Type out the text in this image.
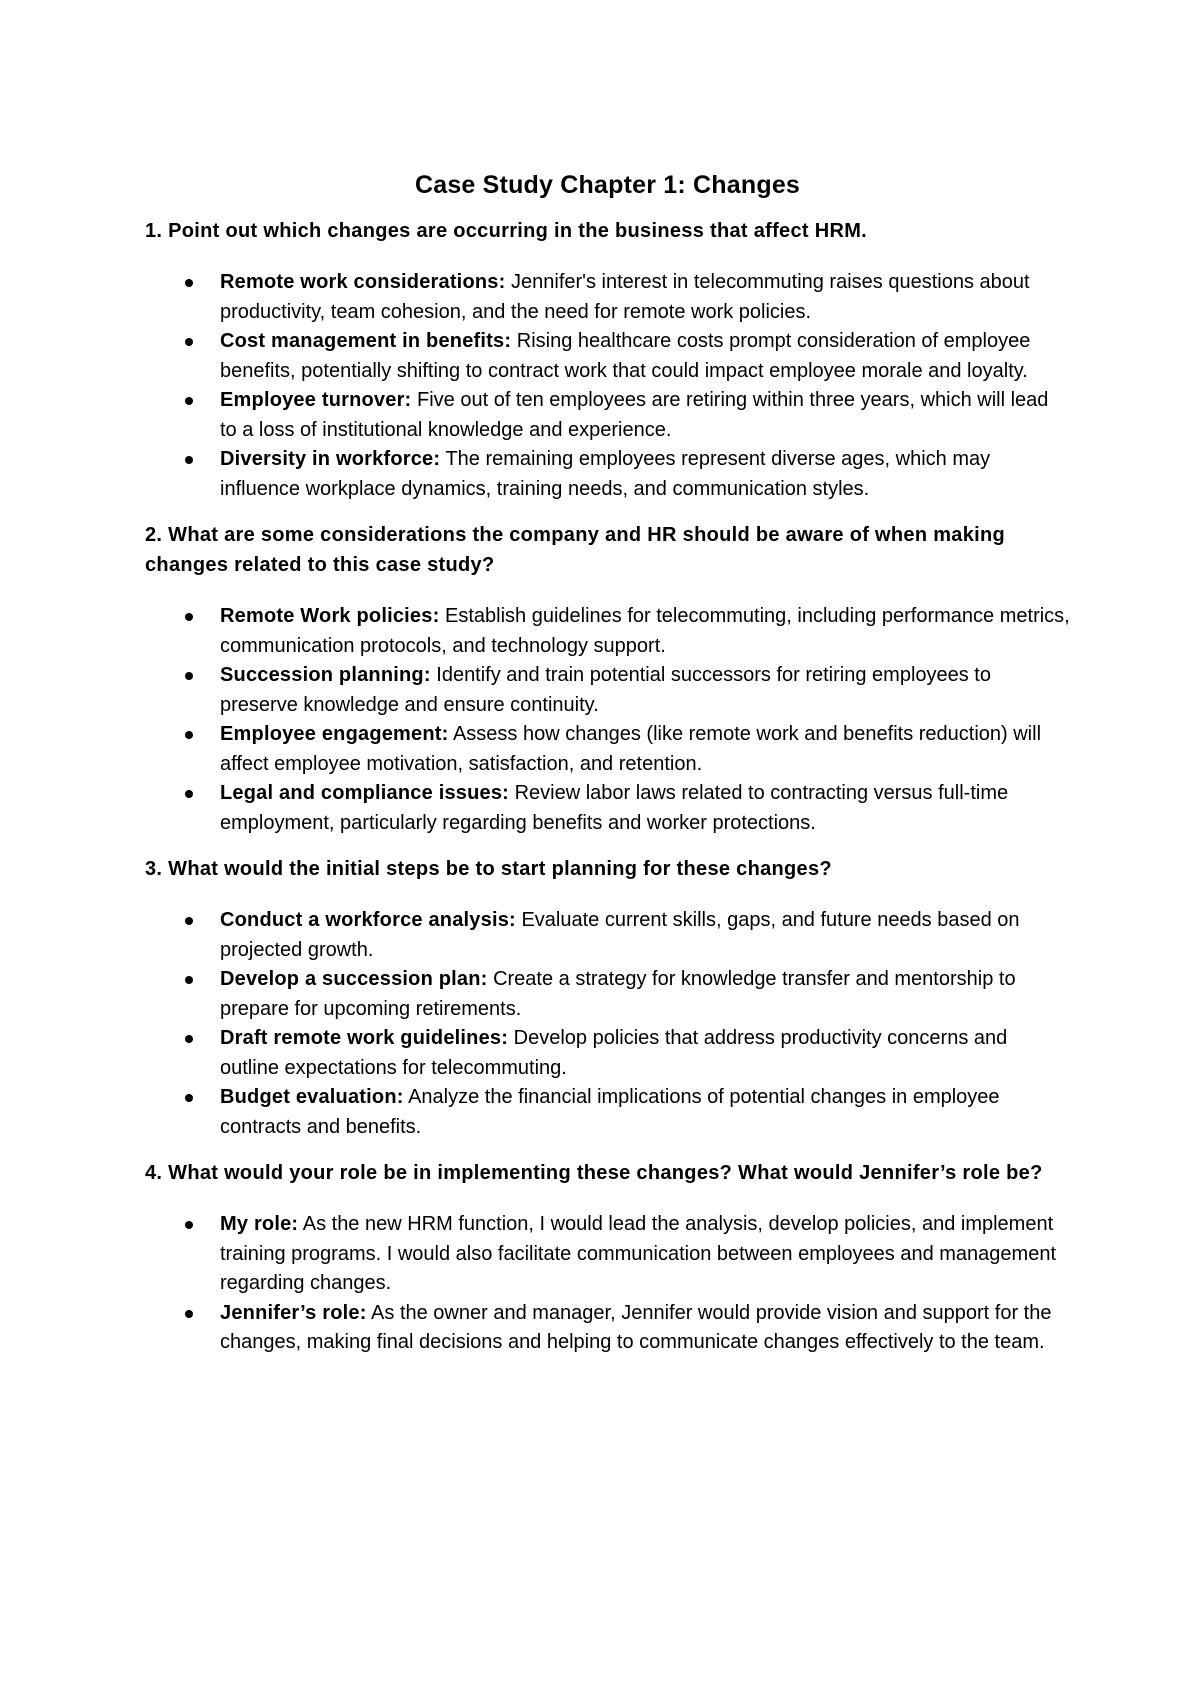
Case Study Chapter 1: Changes

1. Point out which changes are occurring in the business that affect HRM.

Remote work considerations: Jennifer's interest in telecommuting raises questions about productivity, team cohesion, and the need for remote work policies.
Cost management in benefits: Rising healthcare costs prompt consideration of employee benefits, potentially shifting to contract work that could impact employee morale and loyalty.
Employee turnover: Five out of ten employees are retiring within three years, which will lead to a loss of institutional knowledge and experience.
Diversity in workforce: The remaining employees represent diverse ages, which may influence workplace dynamics, training needs, and communication styles.

2. What are some considerations the company and HR should be aware of when making changes related to this case study?

Remote Work policies: Establish guidelines for telecommuting, including performance metrics, communication protocols, and technology support.
Succession planning: Identify and train potential successors for retiring employees to preserve knowledge and ensure continuity.
Employee engagement: Assess how changes (like remote work and benefits reduction) will affect employee motivation, satisfaction, and retention.
Legal and compliance issues: Review labor laws related to contracting versus full-time employment, particularly regarding benefits and worker protections.

3. What would the initial steps be to start planning for these changes?

Conduct a workforce analysis: Evaluate current skills, gaps, and future needs based on projected growth.
Develop a succession plan: Create a strategy for knowledge transfer and mentorship to prepare for upcoming retirements.
Draft remote work guidelines: Develop policies that address productivity concerns and outline expectations for telecommuting.
Budget evaluation: Analyze the financial implications of potential changes in employee contracts and benefits.

4. What would your role be in implementing these changes? What would Jennifer’s role be?

My role: As the new HRM function, I would lead the analysis, develop policies, and implement training programs. I would also facilitate communication between employees and management regarding changes.
Jennifer’s role: As the owner and manager, Jennifer would provide vision and support for the changes, making final decisions and helping to communicate changes effectively to the team.
